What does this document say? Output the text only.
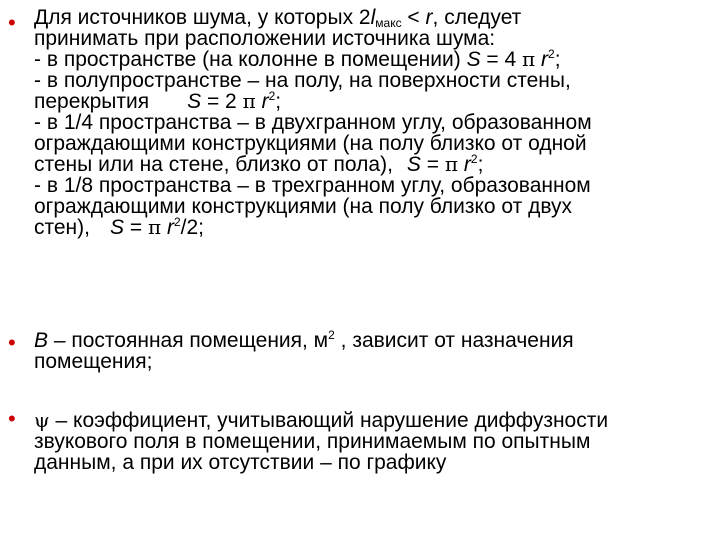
• Для источников шума, у которых $2l_{макс} < r$, следует
принимать при расположении источника шума:
- в пространстве (на колонне в помещении) S = 4 π $r^2$;
- в полупространстве – на полу, на поверхности стены,
перекрытия S = 2 π $r^2$;
- в 1/4 пространства – в двухгранном углу, образованном
ограждающими конструкциями (на полу близко от одной
стены или на стене, близко от пола), S = π $r^2$;
- в 1/8 пространства – в трехгранном углу, образованном
ограждающими конструкциями (на полу близко от двух
стен), S = π $r^2/2$;
• B – постоянная помещения, $м^2$ , зависит от назначения
помещения;
• ψ – коэффициент, учитывающий нарушение диффузности
звукового поля в помещении, принимаемым по опытным
данным, а при их отсутствии – по графику
